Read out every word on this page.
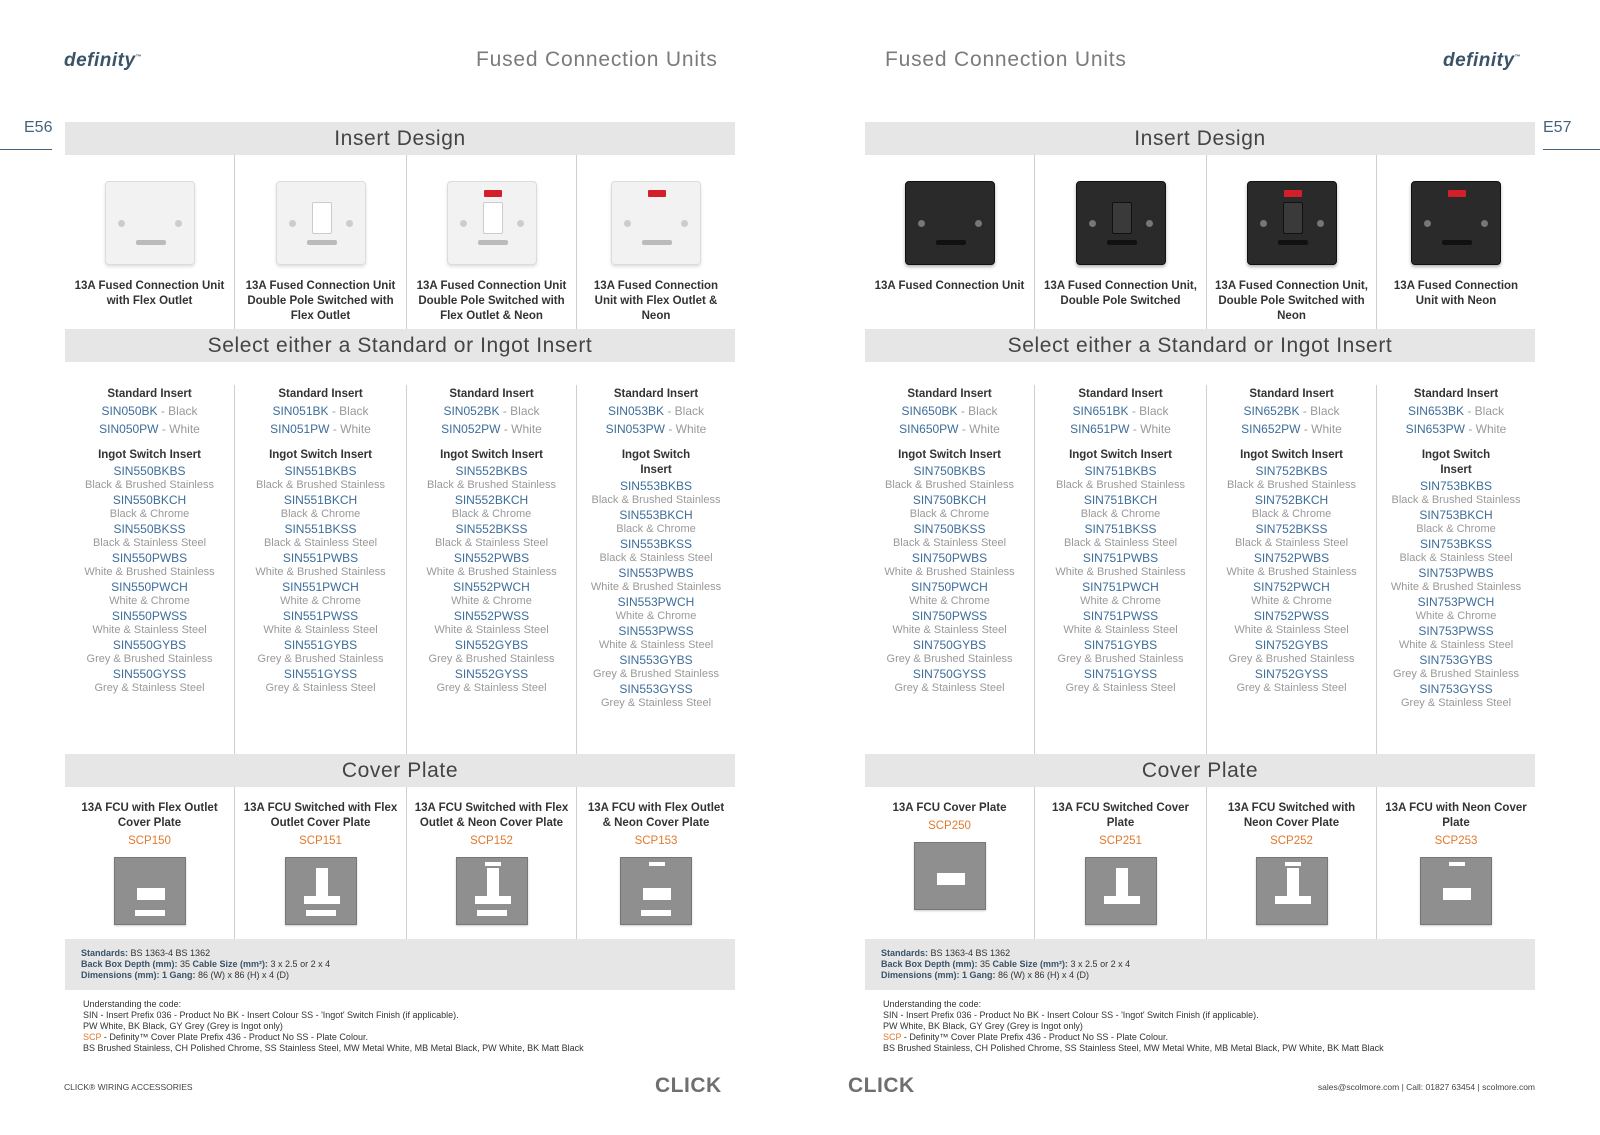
definity™	Fused Connection Units
E56	Insert Design
13A Fused Connection Unit with Flex Outlet
13A Fused Connection Unit Double Pole Switched with Flex Outlet
13A Fused Connection Unit Double Pole Switched with Flex Outlet & Neon
13A Fused Connection Unit with Flex Outlet & Neon
Select either a Standard or Ingot Insert
Standard Insert
SIN050BK - Black
SIN050PW - White
Ingot Switch Insert
SIN550BKBS
Black & Brushed Stainless
SIN550BKCH
Black & Chrome
SIN550BKSS
Black & Stainless Steel
SIN550PWBS
White & Brushed Stainless
SIN550PWCH
White & Chrome
SIN550PWSS
White & Stainless Steel
SIN550GYBS
Grey & Brushed Stainless
SIN550GYSS
Grey & Stainless Steel
Standard Insert
SIN051BK - Black
SIN051PW - White
Ingot Switch Insert
SIN551BKBS
Black & Brushed Stainless
SIN551BKCH
Black & Chrome
SIN551BKSS
Black & Stainless Steel
SIN551PWBS
White & Brushed Stainless
SIN551PWCH
White & Chrome
SIN551PWSS
White & Stainless Steel
SIN551GYBS
Grey & Brushed Stainless
SIN551GYSS
Grey & Stainless Steel
Standard Insert
SIN052BK - Black
SIN052PW - White
Ingot Switch Insert
SIN552BKBS
Black & Brushed Stainless
SIN552BKCH
Black & Chrome
SIN552BKSS
Black & Stainless Steel
SIN552PWBS
White & Brushed Stainless
SIN552PWCH
White & Chrome
SIN552PWSS
White & Stainless Steel
SIN552GYBS
Grey & Brushed Stainless
SIN552GYSS
Grey & Stainless Steel
Standard Insert
SIN053BK - Black
SIN053PW - White
Ingot Switch Insert
SIN553BKBS
Black & Brushed Stainless
SIN553BKCH
Black & Chrome
SIN553BKSS
Black & Stainless Steel
SIN553PWBS
White & Brushed Stainless
SIN553PWCH
White & Chrome
SIN553PWSS
White & Stainless Steel
SIN553GYBS
Grey & Brushed Stainless
SIN553GYSS
Grey & Stainless Steel
Cover Plate
13A FCU with Flex Outlet Cover Plate
SCP150
13A FCU Switched with Flex Outlet Cover Plate
SCP151
13A FCU Switched with Flex Outlet & Neon Cover Plate
SCP152
13A FCU with Flex Outlet & Neon Cover Plate
SCP153
Standards: BS 1363-4 BS 1362
Back Box Depth (mm): 35 Cable Size (mm²): 3 x 2.5 or 2 x 4
Dimensions (mm): 1 Gang: 86 (W) x 86 (H) x 4 (D)
Understanding the code:
SIN - Insert Prefix 036 - Product No BK - Insert Colour SS - 'Ingot' Switch Finish (if applicable).
PW White, BK Black, GY Grey (Grey is Ingot only)
SCP - Definity™ Cover Plate Prefix 436 - Product No SS - Plate Colour.
BS Brushed Stainless, CH Polished Chrome, SS Stainless Steel, MW Metal White, MB Metal Black, PW White, BK Matt Black
CLICK® WIRING ACCESSORIES	CLICK
Fused Connection Units	definity™
E57
Insert Design
13A Fused Connection Unit	13A Fused Connection Unit, Double Pole Switched
13A Fused Connection Unit, Double Pole Switched with Neon
13A Fused Connection Unit with Neon
Select either a Standard or Ingot Insert
Standard Insert
SIN650BK - Black
SIN650PW - White
Ingot Switch Insert
SIN750BKBS
Black & Brushed Stainless
SIN750BKCH
Black & Chrome
SIN750BKSS
Black & Stainless Steel
SIN750PWBS
White & Brushed Stainless
SIN750PWCH
White & Chrome
SIN750PWSS
White & Stainless Steel
SIN750GYBS
Grey & Brushed Stainless
SIN750GYSS
Grey & Stainless Steel
Standard Insert
SIN651BK - Black
SIN651PW - White
Ingot Switch Insert
SIN751BKBS
Black & Brushed Stainless
SIN751BKCH
Black & Chrome
SIN751BKSS
Black & Stainless Steel
SIN751PWBS
White & Brushed Stainless
SIN751PWCH
White & Chrome
SIN751PWSS
White & Stainless Steel
SIN751GYBS
Grey & Brushed Stainless
SIN751GYSS
Grey & Stainless Steel
Standard Insert
SIN652BK - Black
SIN652PW - White
Ingot Switch Insert
SIN752BKBS
Black & Brushed Stainless
SIN752BKCH
Black & Chrome
SIN752BKSS
Black & Stainless Steel
SIN752PWBS
White & Brushed Stainless
SIN752PWCH
White & Chrome
SIN752PWSS
White & Stainless Steel
SIN752GYBS
Grey & Brushed Stainless
SIN752GYSS
Grey & Stainless Steel
Standard Insert
SIN653BK - Black
SIN653PW - White
Ingot Switch Insert
SIN753BKBS
Black & Brushed Stainless
SIN753BKCH
Black & Chrome
SIN753BKSS
Black & Stainless Steel
SIN753PWBS
White & Brushed Stainless
SIN753PWCH
White & Chrome
SIN753PWSS
White & Stainless Steel
SIN753GYBS
Grey & Brushed Stainless
SIN753GYSS
Grey & Stainless Steel
Cover Plate
13A FCU Cover Plate
SCP250
13A FCU Switched Cover Plate
SCP251
13A FCU Switched with Neon Cover Plate
SCP252
13A FCU with Neon Cover Plate
SCP253
Standards: BS 1363-4 BS 1362
Back Box Depth (mm): 35 Cable Size (mm²): 3 x 2.5 or 2 x 4
Dimensions (mm): 1 Gang: 86 (W) x 86 (H) x 4 (D)
Understanding the code:
SIN - Insert Prefix 036 - Product No BK - Insert Colour SS - 'Ingot' Switch Finish (if applicable).
PW White, BK Black, GY Grey (Grey is Ingot only)
SCP - Definity™ Cover Plate Prefix 436 - Product No SS - Plate Colour.
BS Brushed Stainless, CH Polished Chrome, SS Stainless Steel, MW Metal White, MB Metal Black, PW White, BK Matt Black
CLICK	sales@scolmore.com | Call: 01827 63454 | scolmore.com
